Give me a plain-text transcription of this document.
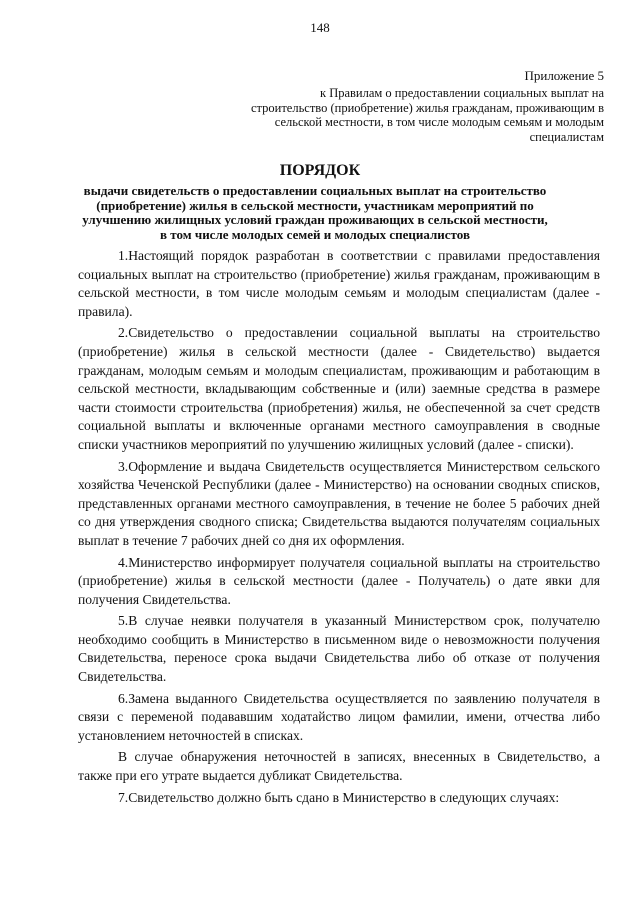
148
Приложение 5
к Правилам о предоставлении социальных выплат на строительство (приобретение) жилья гражданам, проживающим в сельской местности, в том числе молодым семьям и молодым специалистам
ПОРЯДОК
выдачи свидетельств о предоставлении социальных выплат на строительство (приобретение) жилья в сельской местности, участникам мероприятий по улучшению жилищных условий граждан проживающих в сельской местности, в том числе молодых семей и молодых специалистов

1.Настоящий порядок разработан в соответствии с правилами предоставления социальных выплат на строительство (приобретение) жилья гражданам, проживающим в сельской местности, в том числе молодым семьям и молодым специалистам (далее - правила).

2.Свидетельство о предоставлении социальной выплаты на строительство (приобретение) жилья в сельской местности (далее - Свидетельство) выдается гражданам, молодым семьям и молодым специалистам, проживающим и работающим в сельской местности, вкладывающим собственные и (или) заемные средства в размере части стоимости строительства (приобретения) жилья, не обеспеченной за счет средств социальной выплаты и включенные органами местного самоуправления в сводные списки участников мероприятий по улучшению жилищных условий (далее - списки).

3.Оформление и выдача Свидетельств осуществляется Министерством сельского хозяйства Чеченской Республики (далее - Министерство) на основании сводных списков, представленных органами местного самоуправления, в течение не более 5 рабочих дней со дня утверждения сводного списка; Свидетельства выдаются получателям социальных выплат в течение 7 рабочих дней со дня их оформления.

4.Министерство информирует получателя социальной выплаты на строительство (приобретение) жилья в сельской местности (далее - Получатель) о дате явки для получения Свидетельства.

5.В случае неявки получателя в указанный Министерством срок, получателю необходимо сообщить в Министерство в письменном виде о невозможности получения Свидетельства, переносе срока выдачи Свидетельства либо об отказе от получения Свидетельства.

6.Замена выданного Свидетельства осуществляется по заявлению получателя в связи с переменой подававшим ходатайство лицом фамилии, имени, отчества либо установлением неточностей в списках.

В случае обнаружения неточностей в записях, внесенных в Свидетельство, а также при его утрате выдается дубликат Свидетельства.

7.Свидетельство должно быть сдано в Министерство в следующих случаях:
